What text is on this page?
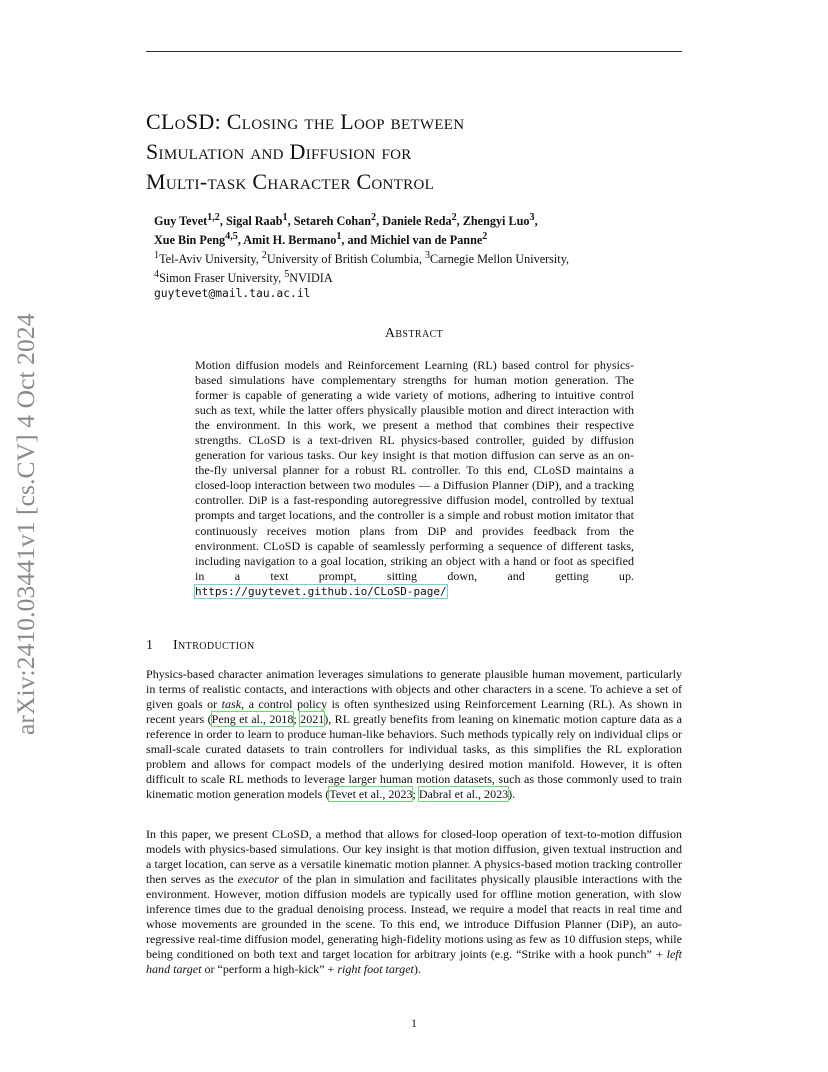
arXiv:2410.03441v1 [cs.CV] 4 Oct 2024
CLoSD: Closing the Loop between
Simulation and Diffusion for
Multi-task Character Control
Guy Tevet$^{1,2}$, Sigal Raab$^1$, Setareh Cohan$^2$, Daniele Reda$^2$, Zhengyi Luo$^3$,
Xue Bin Peng$^{4,5}$, Amit H. Bermano$^1$, and Michiel van de Panne$^2$
$^1$Tel-Aviv University, $^2$University of British Columbia, $^3$Carnegie Mellon University,
$^4$Simon Fraser University, $^5$NVIDIA
guytevet@mail.tau.ac.il
Abstract
Motion diffusion models and Reinforcement Learning (RL) based control for physics-based simulations have complementary strengths for human motion generation. The former is capable of generating a wide variety of motions, adhering to intuitive control such as text, while the latter offers physically plausible motion and direct interaction with the environment. In this work, we present a method that combines their respective strengths. CLoSD is a text-driven RL physics-based controller, guided by diffusion generation for various tasks. Our key insight is that motion diffusion can serve as an on-the-fly universal planner for a robust RL controller. To this end, CLoSD maintains a closed-loop interaction between two modules — a Diffusion Planner (DiP), and a tracking controller. DiP is a fast-responding autoregressive diffusion model, controlled by textual prompts and target locations, and the controller is a simple and robust motion imitator that continuously receives motion plans from DiP and provides feedback from the environment. CLoSD is capable of seamlessly performing a sequence of different tasks, including navigation to a goal location, striking an object with a hand or foot as specified in a text prompt, sitting down, and getting up. https://guytevet.github.io/CLoSD-page/
1 Introduction

Physics-based character animation leverages simulations to generate plausible human movement, particularly in terms of realistic contacts, and interactions with objects and other characters in a scene. To achieve a set of given goals or task, a control policy is often synthesized using Reinforcement Learning (RL). As shown in recent years (Peng et al., 2018; 2021), RL greatly benefits from leaning on kinematic motion capture data as a reference in order to learn to produce human-like behaviors. Such methods typically rely on individual clips or small-scale curated datasets to train controllers for individual tasks, as this simplifies the RL exploration problem and allows for compact models of the underlying desired motion manifold. However, it is often difficult to scale RL methods to leverage larger human motion datasets, such as those commonly used to train kinematic motion generation models (Tevet et al., 2023; Dabral et al., 2023).

In this paper, we present CLoSD, a method that allows for closed-loop operation of text-to-motion diffusion models with physics-based simulations. Our key insight is that motion diffusion, given textual instruction and a target location, can serve as a versatile kinematic motion planner. A physics-based motion tracking controller then serves as the executor of the plan in simulation and facilitates physically plausible interactions with the environment. However, motion diffusion models are typically used for offline motion generation, with slow inference times due to the gradual denoising process. Instead, we require a model that reacts in real time and whose movements are grounded in the scene. To this end, we introduce Diffusion Planner (DiP), an auto-regressive real-time diffusion model, generating high-fidelity motions using as few as 10 diffusion steps, while being conditioned on both text and target location for arbitrary joints (e.g. “Strike with a hook punch” + left hand target or “perform a high-kick” + right foot target).

1
